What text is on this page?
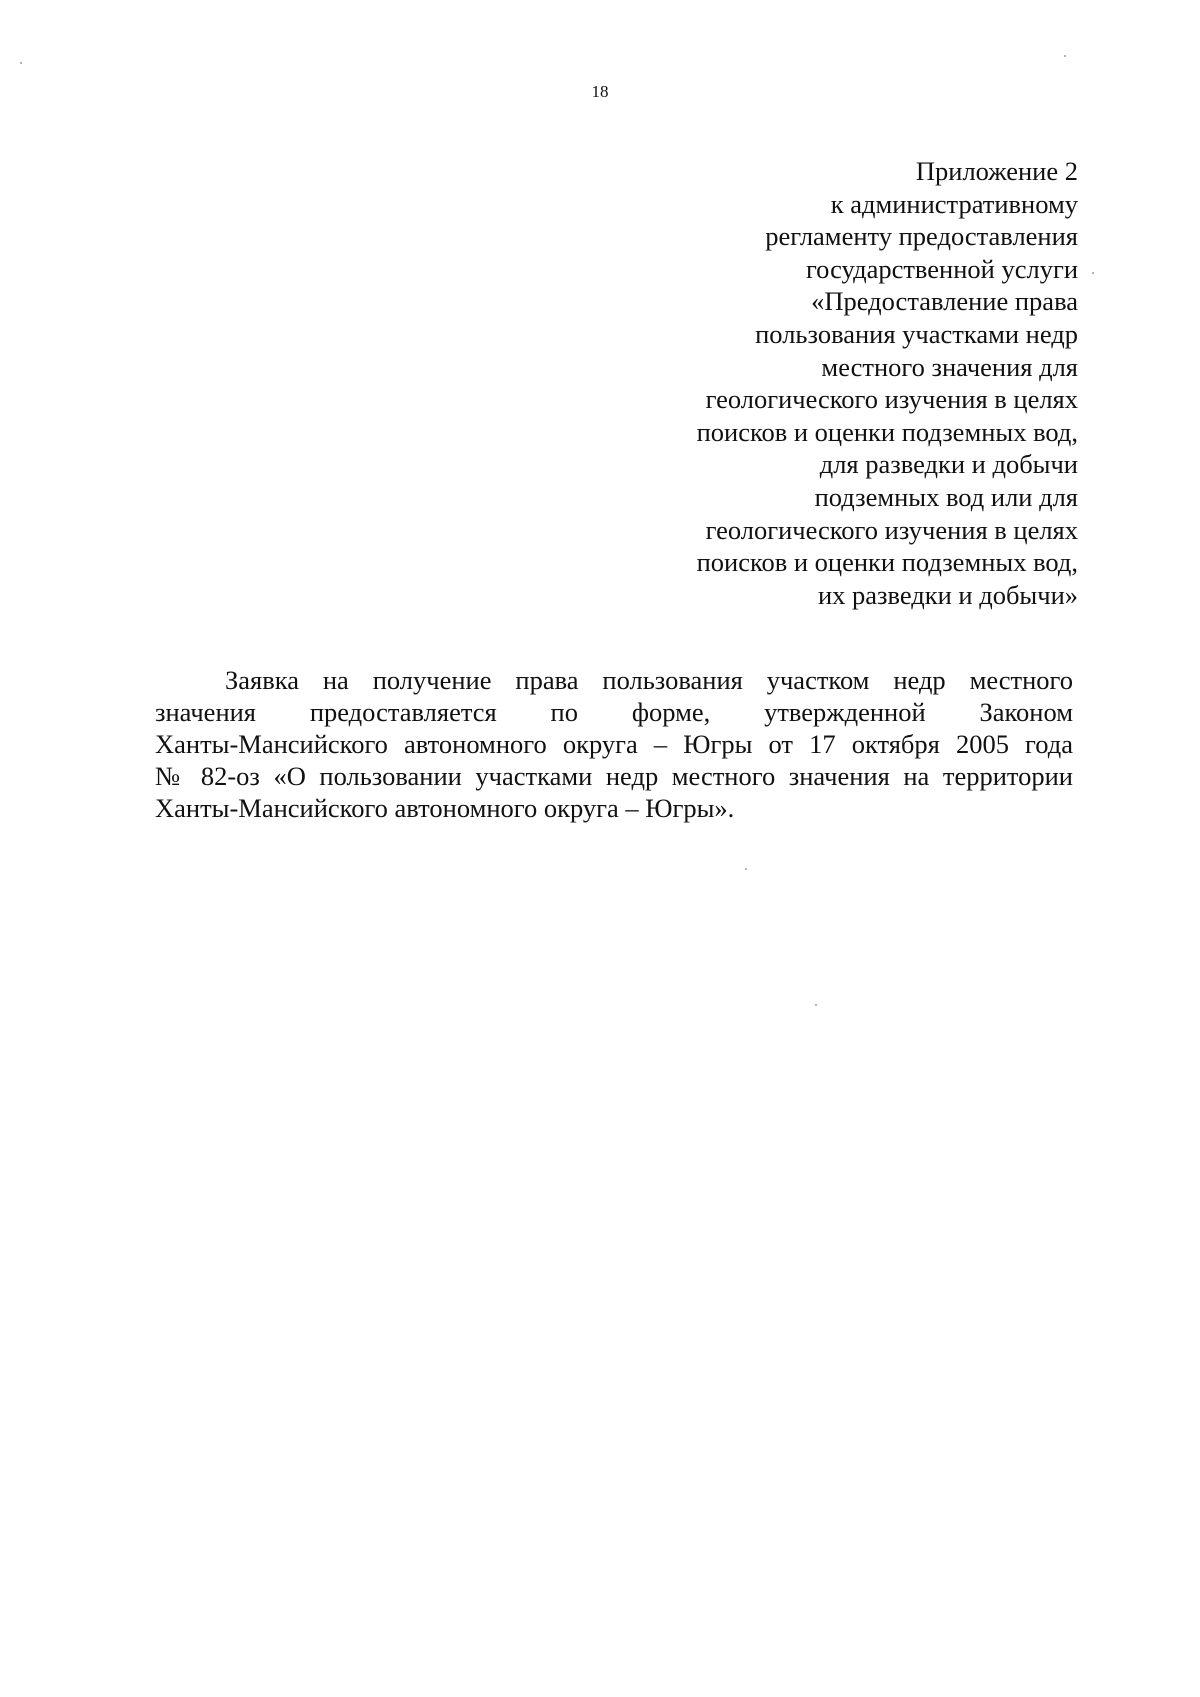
18
Приложение 2
к административному
регламенту предоставления
государственной услуги
«Предоставление права
пользования участками недр
местного значения для
геологического изучения в целях
поисков и оценки подземных вод,
для разведки и добычи
подземных вод или для
геологического изучения в целях
поисков и оценки подземных вод,
их разведки и добычи»
Заявка на получение права пользования участком недр местного
значения предоставляется по форме, утвержденной Законом
Ханты-Мансийского автономного округа – Югры от 17 октября 2005 года
№ 82-оз «О пользовании участками недр местного значения на территории
Ханты-Мансийского автономного округа – Югры».
